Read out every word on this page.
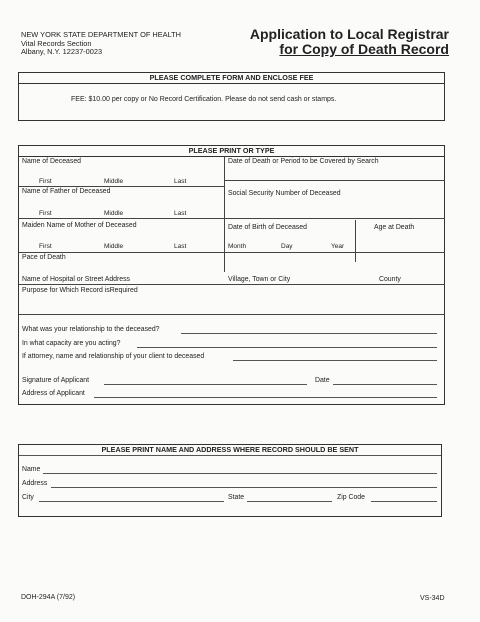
NEW YORK STATE DEPARTMENT OF HEALTH
Vital Records Section
Albany, N.Y. 12237-0023
Application to Local Registrar
for Copy of Death Record
PLEASE COMPLETE FORM AND ENCLOSE FEE
FEE: $10.00 per copy or No Record Certification. Please do not send cash or stamps.
PLEASE PRINT OR TYPE
Name of Deceased	Date of Death or Period to be Covered by Search
First	Middle	Last
Name of Father of Deceased	Social Security Number of Deceased
First	Middle	Last
Maiden Name of Mother of Deceased	Date of Birth of Deceased	Age at Death
First	Middle	Last	Month	Day	Year
Pace of Death
Name of Hospital or Street Address	Village, Town or City	County
Purpose for Which Record isRequired
What was your relationship to the deceased?
In what capacity are you acting?
If attorney, name and relationship of your client to deceased
Signature of Applicant	Date
Address of Applicant
PLEASE PRINT NAME AND ADDRESS WHERE RECORD SHOULD BE SENT
Name
Address
City	State	Zip Code
DOH-294A (7/92)	VS-34D
